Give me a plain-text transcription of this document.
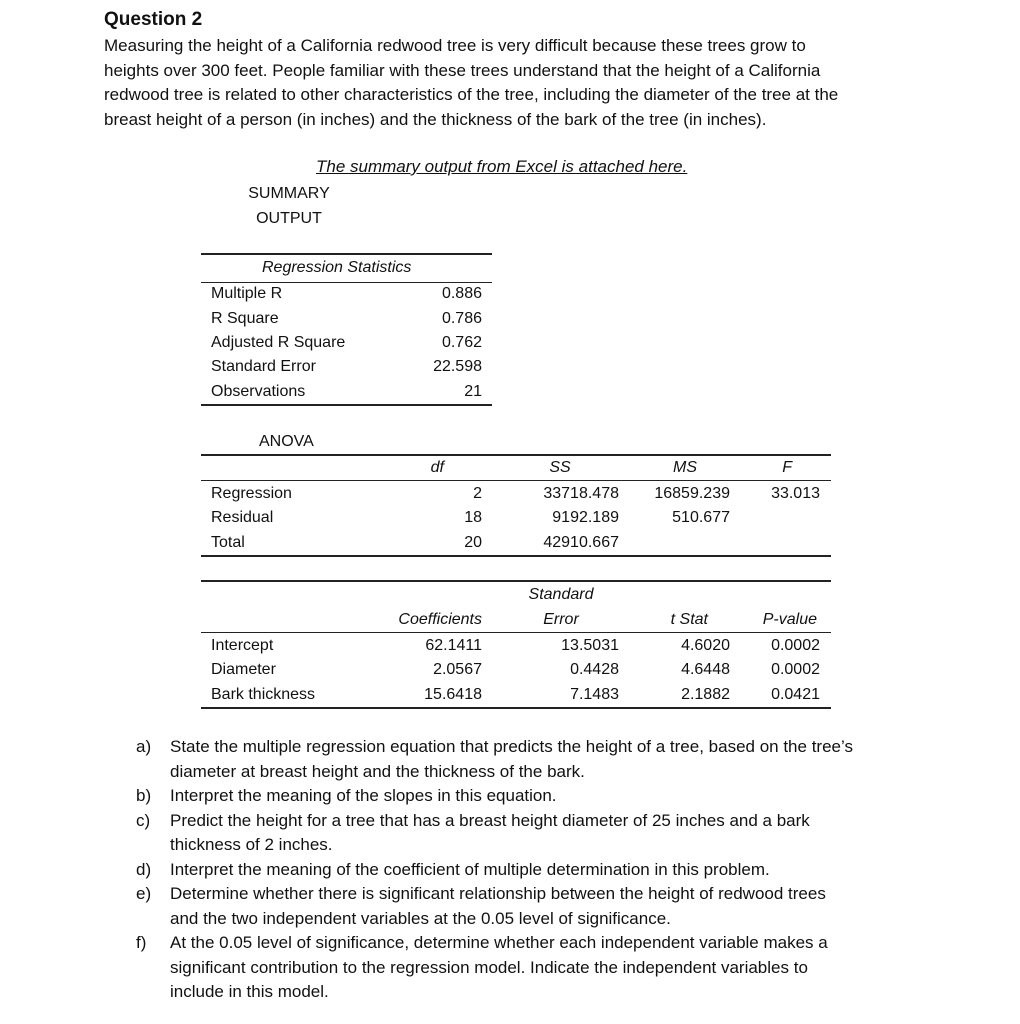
Question 2
Measuring the height of a California redwood tree is very difficult because these trees grow to
heights over 300 feet. People familiar with these trees understand that the height of a California
redwood tree is related to other characteristics of the tree, including the diameter of the tree at the
breast height of a person (in inches) and the thickness of the bark of the tree (in inches).
The summary output from Excel is attached here.
SUMMARY OUTPUT
Regression Statistics
Multiple R	0.886
R Square	0.786
Adjusted R Square	0.762
Standard Error	22.598
Observations	21
ANOVA
df	SS	MS	F
Regression	2	33718.478	16859.239	33.013
Residual	18	9192.189	510.677
Total	20	42910.667
Standard
Coefficients	Error	t Stat	P-value
Intercept	62.1411	13.5031	4.6020	0.0002
Diameter	2.0567	0.4428	4.6448	0.0002
Bark thickness	15.6418	7.1483	2.1882	0.0421
a)	State the multiple regression equation that predicts the height of a tree, based on the tree’s
diameter at breast height and the thickness of the bark.
b)	Interpret the meaning of the slopes in this equation.
c)	Predict the height for a tree that has a breast height diameter of 25 inches and a bark
thickness of 2 inches.
d)	Interpret the meaning of the coefficient of multiple determination in this problem.
e)	Determine whether there is significant relationship between the height of redwood trees
and the two independent variables at the 0.05 level of significance.
f)	At the 0.05 level of significance, determine whether each independent variable makes a
significant contribution to the regression model. Indicate the independent variables to
include in this model.
